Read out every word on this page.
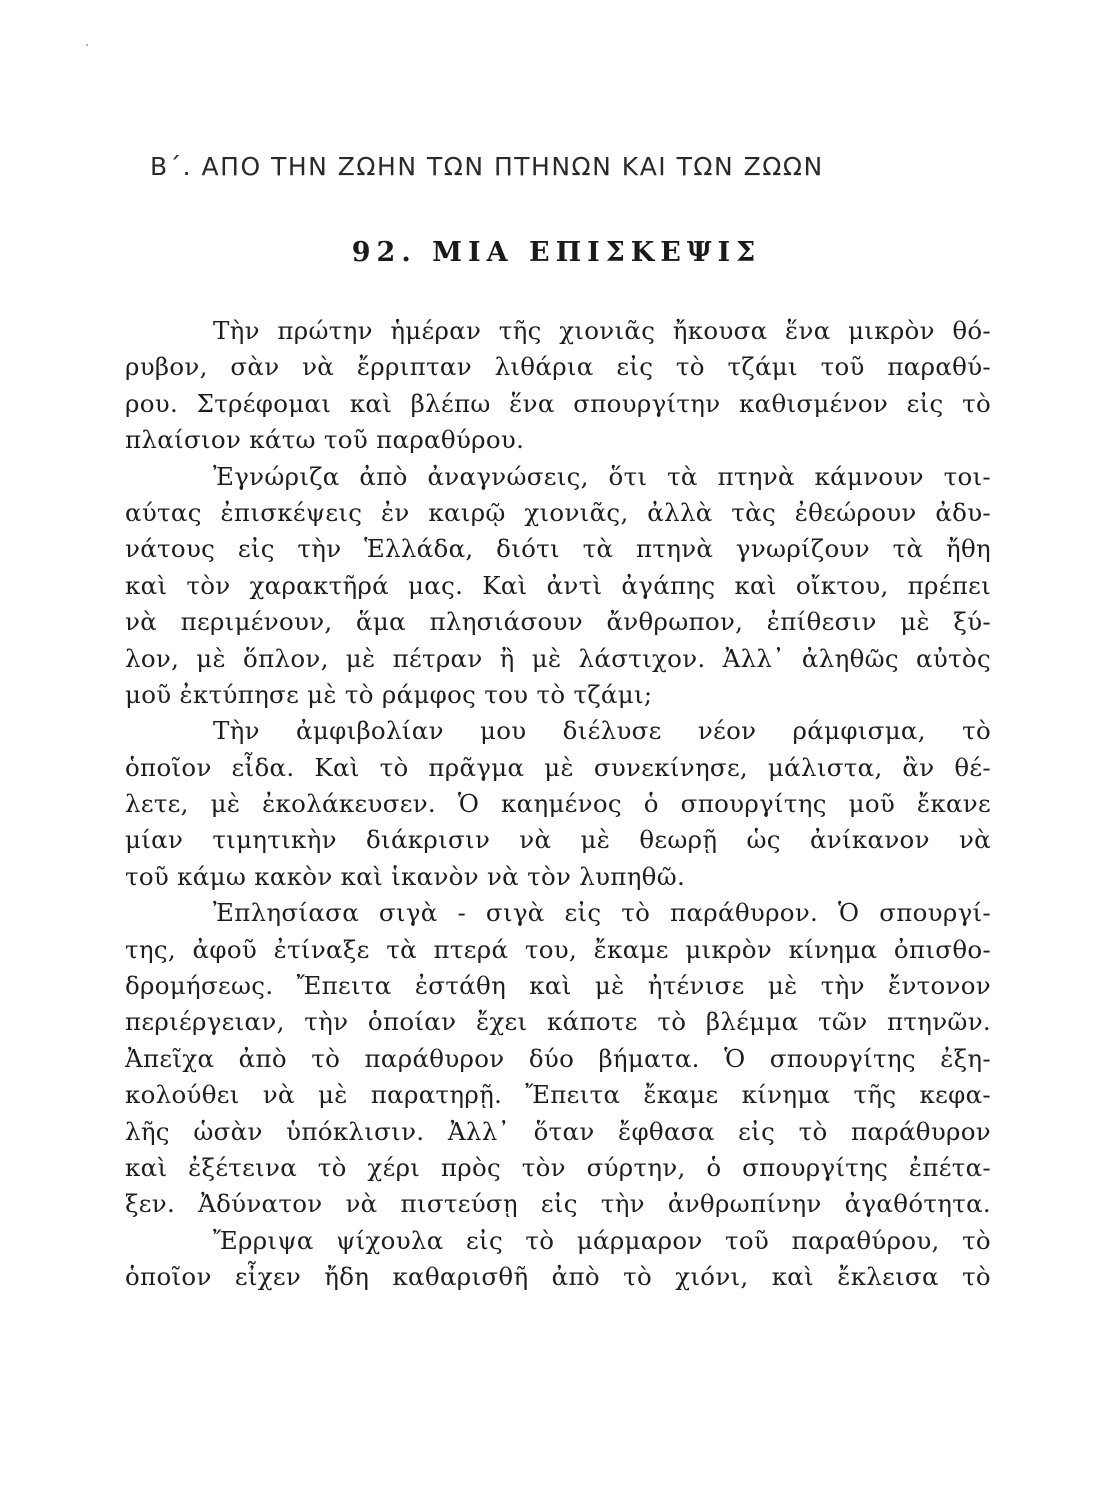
Β΄. ΑΠΟ ΤΗΝ ΖΩΗΝ ΤΩΝ ΠΤΗΝΩΝ ΚΑΙ ΤΩΝ ΖΩΩΝ
92. ΜΙΑ ΕΠΙΣΚΕΨΙΣ
Τὴν πρώτην ἡμέραν τῆς χιονιᾶς ἤκουσα ἕνα μικρὸν θό-
ρυβον, σὰν νὰ ἔρριπταν λιθάρια εἰς τὸ τζάμι τοῦ παραθύ-
ρου. Στρέφομαι καὶ βλέπω ἕνα σπουργίτην καθισμένον εἰς τὸ
πλαίσιον κάτω τοῦ παραθύρου.
Ἐγνώριζα ἀπὸ ἀναγνώσεις, ὅτι τὰ πτηνὰ κάμνουν τοι-
αύτας ἐπισκέψεις ἐν καιρῷ χιονιᾶς, ἀλλὰ τὰς ἐθεώρουν ἀδυ-
νάτους εἰς τὴν Ἑλλάδα, διότι τὰ πτηνὰ γνωρίζουν τὰ ἤθη
καὶ τὸν χαρακτῆρά μας. Καὶ ἀντὶ ἀγάπης καὶ οἴκτου, πρέπει
νὰ περιμένουν, ἅμα πλησιάσουν ἄνθρωπον, ἐπίθεσιν μὲ ξύ-
λον, μὲ ὅπλον, μὲ πέτραν ἢ μὲ λάστιχον. Ἀλλ᾽ ἀληθῶς αὐτὸς
μοῦ ἐκτύπησε μὲ τὸ ράμφος του τὸ τζάμι;
Τὴν ἀμφιβολίαν μου διέλυσε νέον ράμφισμα, τὸ
ὁποῖον εἶδα. Καὶ τὸ πρᾶγμα μὲ συνεκίνησε, μάλιστα, ἂν θέ-
λετε, μὲ ἐκολάκευσεν. Ὁ καημένος ὁ σπουργίτης μοῦ ἔκανε
μίαν τιμητικὴν διάκρισιν νὰ μὲ θεωρῇ ὡς ἀνίκανον νὰ
τοῦ κάμω κακὸν καὶ ἱκανὸν νὰ τὸν λυπηθῶ.
Ἐπλησίασα σιγὰ - σιγὰ εἰς τὸ παράθυρον. Ὁ σπουργί-
της, ἀφοῦ ἐτίναξε τὰ πτερά του, ἔκαμε μικρὸν κίνημα ὀπισθο-
δρομήσεως. Ἔπειτα ἐστάθη καὶ μὲ ἠτένισε μὲ τὴν ἔντονον
περιέργειαν, τὴν ὁποίαν ἔχει κάποτε τὸ βλέμμα τῶν πτηνῶν.
Ἀπεῖχα ἀπὸ τὸ παράθυρον δύο βήματα. Ὁ σπουργίτης ἐξη-
κολούθει νὰ μὲ παρατηρῇ. Ἔπειτα ἔκαμε κίνημα τῆς κεφα-
λῆς ὡσὰν ὑπόκλισιν. Ἀλλ᾽ ὅταν ἔφθασα εἰς τὸ παράθυρον
καὶ ἐξέτεινα τὸ χέρι πρὸς τὸν σύρτην, ὁ σπουργίτης ἐπέτα-
ξεν. Ἀδύνατον νὰ πιστεύσῃ εἰς τὴν ἀνθρωπίνην ἀγαθότητα.
Ἔρριψα ψίχουλα εἰς τὸ μάρμαρον τοῦ παραθύρου, τὸ
ὁποῖον εἶχεν ἤδη καθαρισθῆ ἀπὸ τὸ χιόνι, καὶ ἔκλεισα τὸ
